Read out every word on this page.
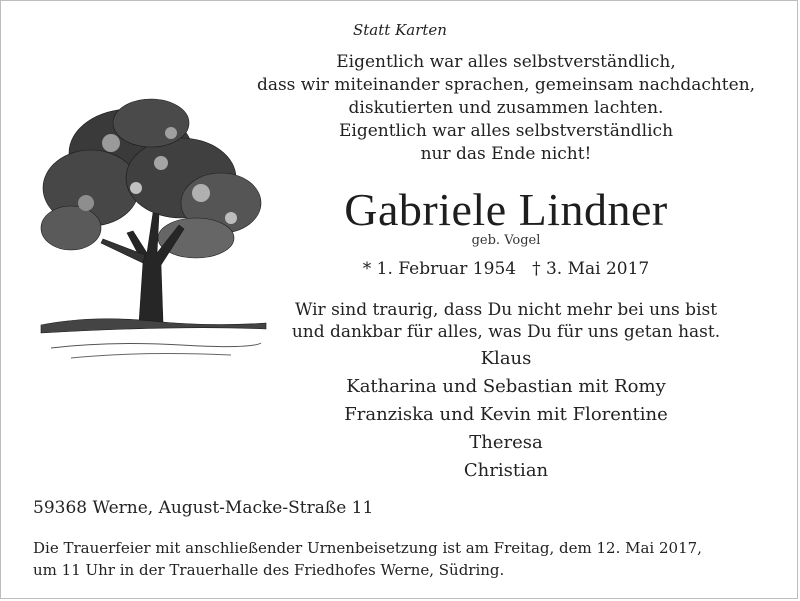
Statt Karten
Eigentlich war alles selbstverständlich,
dass wir miteinander sprachen, gemeinsam nachdachten,
diskutierten und zusammen lachten.
Eigentlich war alles selbstverständlich
nur das Ende nicht!
Gabriele Lindner
geb. Vogel
* 1. Februar 1954 † 3. Mai 2017
Wir sind traurig, dass Du nicht mehr bei uns bist
und dankbar für alles, was Du für uns getan hast.
Klaus
Katharina und Sebastian mit Romy
Franziska und Kevin mit Florentine
Theresa
Christian
59368 Werne, August-Macke-Straße 11
Die Trauerfeier mit anschließender Urnenbeisetzung ist am Freitag, dem 12. Mai 2017,
um 11 Uhr in der Trauerhalle des Friedhofes Werne, Südring.
